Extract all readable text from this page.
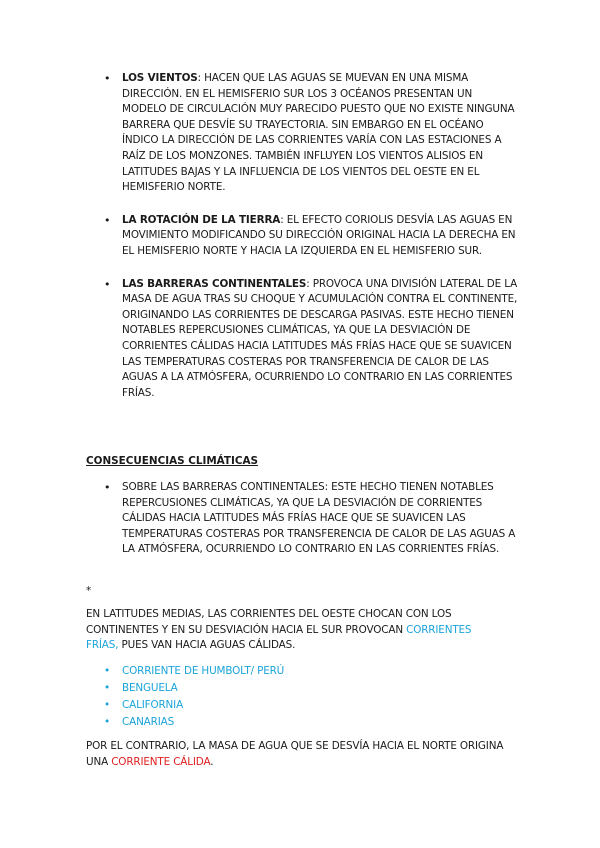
• LOS VIENTOS: HACEN QUE LAS AGUAS SE MUEVAN EN UNA MISMA DIRECCIÓN. EN EL HEMISFERIO SUR LOS 3 OCÉANOS PRESENTAN UN MODELO DE CIRCULACIÓN MUY PARECIDO PUESTO QUE NO EXISTE NINGUNA BARRERA QUE DESVÍE SU TRAYECTORIA. SIN EMBARGO EN EL OCÉANO ÍNDICO LA DIRECCIÓN DE LAS CORRIENTES VARÍA CON LAS ESTACIONES A RAÍZ DE LOS MONZONES. TAMBIÉN INFLUYEN LOS VIENTOS ALISIOS EN LATITUDES BAJAS Y LA INFLUENCIA DE LOS VIENTOS DEL OESTE EN EL HEMISFERIO NORTE.
• LA ROTACIÓN DE LA TIERRA: EL EFECTO CORIOLIS DESVÍA LAS AGUAS EN MOVIMIENTO MODIFICANDO SU DIRECCIÓN ORIGINAL HACIA LA DERECHA EN EL HEMISFERIO NORTE Y HACIA LA IZQUIERDA EN EL HEMISFERIO SUR.
• LAS BARRERAS CONTINENTALES: PROVOCA UNA DIVISIÓN LATERAL DE LA MASA DE AGUA TRAS SU CHOQUE Y ACUMULACIÓN CONTRA EL CONTINENTE, ORIGINANDO LAS CORRIENTES DE DESCARGA PASIVAS. ESTE HECHO TIENEN NOTABLES REPERCUSIONES CLIMÁTICAS, YA QUE LA DESVIACIÓN DE CORRIENTES CÁLIDAS HACIA LATITUDES MÁS FRÍAS HACE QUE SE SUAVICEN LAS TEMPERATURAS COSTERAS POR TRANSFERENCIA DE CALOR DE LAS AGUAS A LA ATMÓSFERA, OCURRIENDO LO CONTRARIO EN LAS CORRIENTES FRÍAS.
CONSECUENCIAS CLIMÁTICAS
• SOBRE LAS BARRERAS CONTINENTALES: ESTE HECHO TIENEN NOTABLES REPERCUSIONES CLIMÁTICAS, YA QUE LA DESVIACIÓN DE CORRIENTES CÁLIDAS HACIA LATITUDES MÁS FRÍAS HACE QUE SE SUAVICEN LAS TEMPERATURAS COSTERAS POR TRANSFERENCIA DE CALOR DE LAS AGUAS A LA ATMÓSFERA, OCURRIENDO LO CONTRARIO EN LAS CORRIENTES FRÍAS.
*
EN LATITUDES MEDIAS, LAS CORRIENTES DEL OESTE CHOCAN CON LOS CONTINENTES Y EN SU DESVIACIÓN HACIA EL SUR PROVOCAN CORRIENTES FRÍAS, PUES VAN HACIA AGUAS CÁLIDAS.
• CORRIENTE DE HUMBOLT/ PERÚ
• BENGUELA
• CALIFORNIA
• CANARIAS
POR EL CONTRARIO, LA MASA DE AGUA QUE SE DESVÍA HACIA EL NORTE ORIGINA UNA CORRIENTE CÁLIDA.
